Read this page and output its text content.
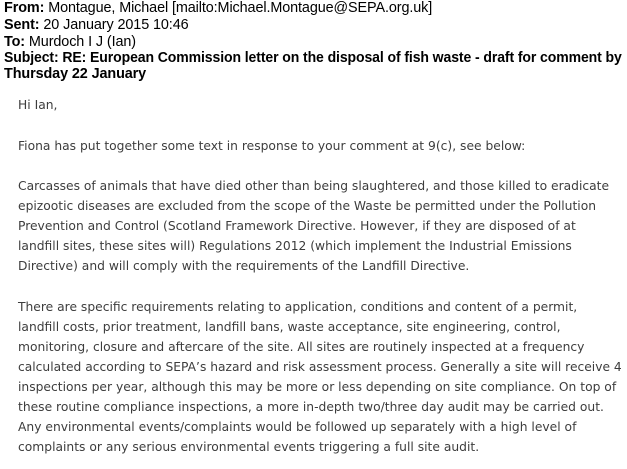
From: Montague, Michael [mailto:Michael.Montague@SEPA.org.uk]
Sent: 20 January 2015 10:46
To: Murdoch I J (Ian)
Subject: RE: European Commission letter on the disposal of fish waste - draft for comment by
Thursday 22 January
Hi Ian,
Fiona has put together some text in response to your comment at 9(c), see below:
Carcasses of animals that have died other than being slaughtered, and those killed to eradicate
epizootic diseases are excluded from the scope of the Waste be permitted under the Pollution
Prevention and Control (Scotland Framework Directive. However, if they are disposed of at
landfill sites, these sites will) Regulations 2012 (which implement the Industrial Emissions
Directive) and will comply with the requirements of the Landfill Directive.
There are specific requirements relating to application, conditions and content of a permit,
landfill costs, prior treatment, landfill bans, waste acceptance, site engineering, control,
monitoring, closure and aftercare of the site. All sites are routinely inspected at a frequency
calculated according to SEPA’s hazard and risk assessment process. Generally a site will receive 4
inspections per year, although this may be more or less depending on site compliance. On top of
these routine compliance inspections, a more in-depth two/three day audit may be carried out.
Any environmental events/complaints would be followed up separately with a high level of
complaints or any serious environmental events triggering a full site audit.
